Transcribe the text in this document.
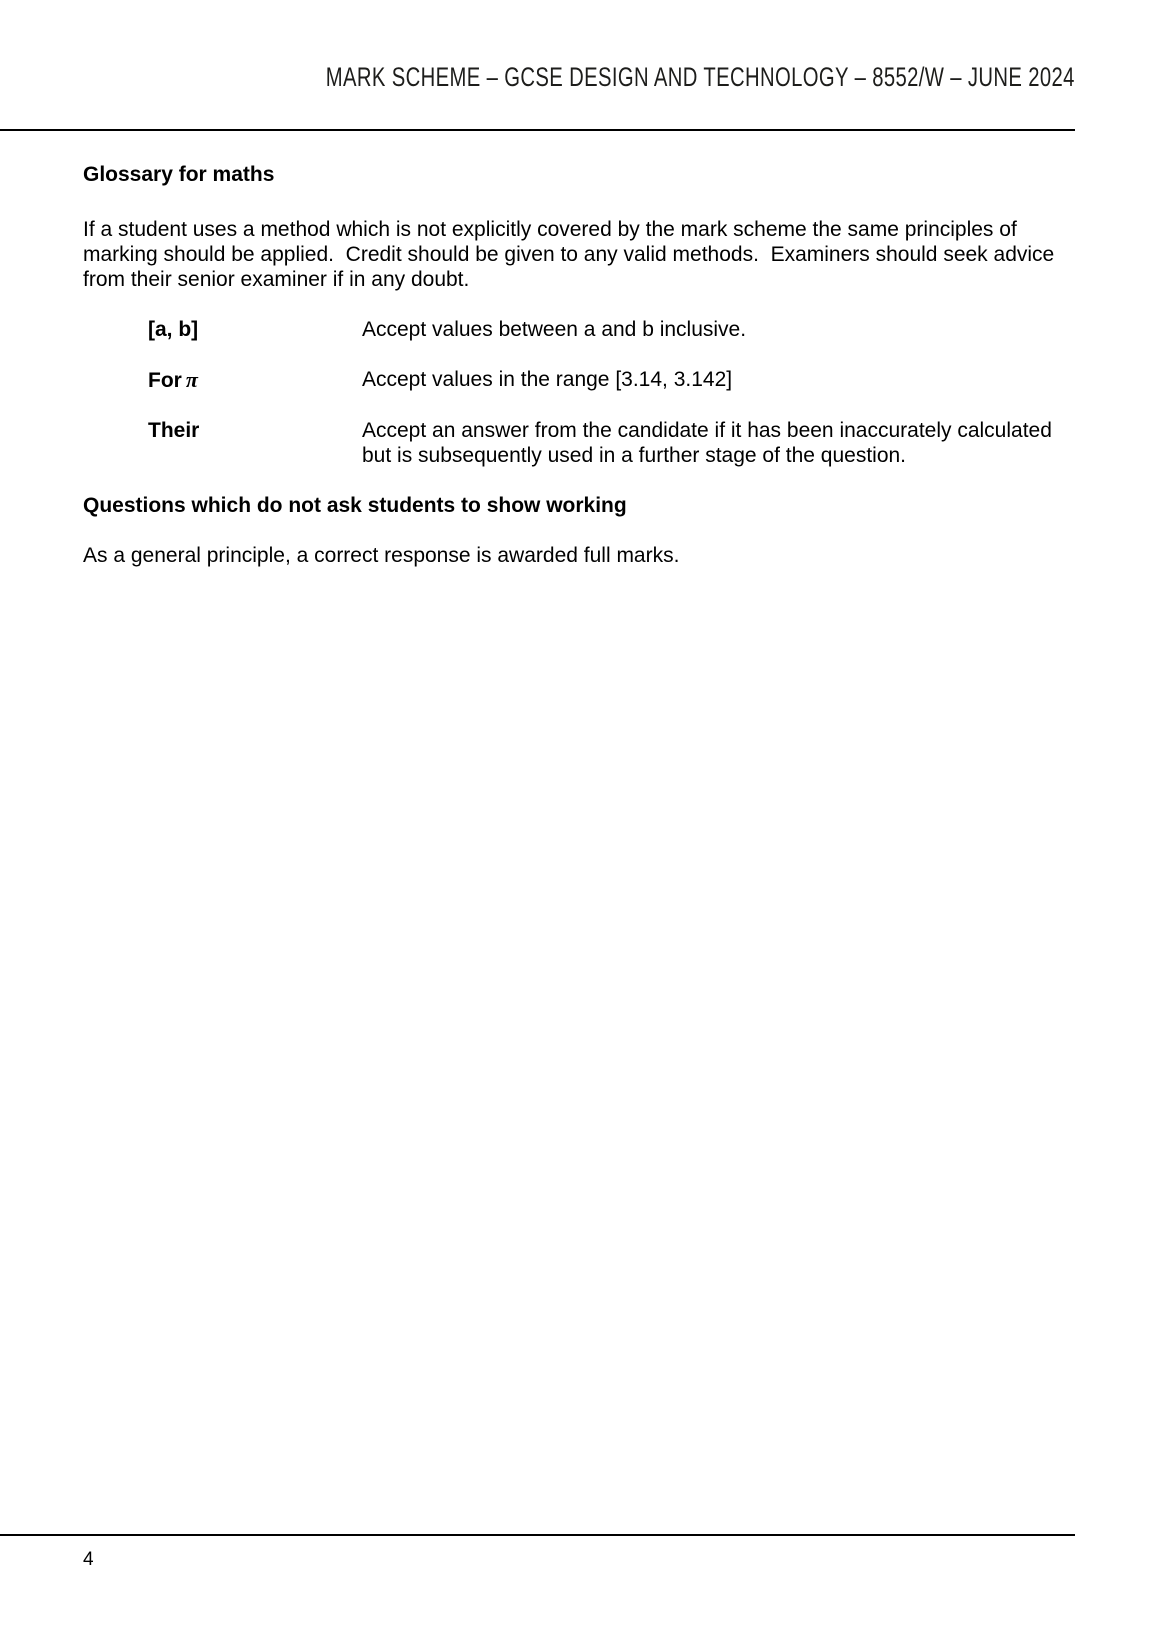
MARK SCHEME – GCSE DESIGN AND TECHNOLOGY – 8552/W – JUNE 2024
Glossary for maths

If a student uses a method which is not explicitly covered by the mark scheme the same principles of marking should be applied.  Credit should be given to any valid methods.  Examiners should seek advice from their senior examiner if in any doubt.

[a, b]	Accept values between a and b inclusive.
For π	Accept values in the range [3.14, 3.142]
Their	Accept an answer from the candidate if it has been inaccurately calculated but is subsequently used in a further stage of the question.
Questions which do not ask students to show working

As a general principle, a correct response is awarded full marks.

4
